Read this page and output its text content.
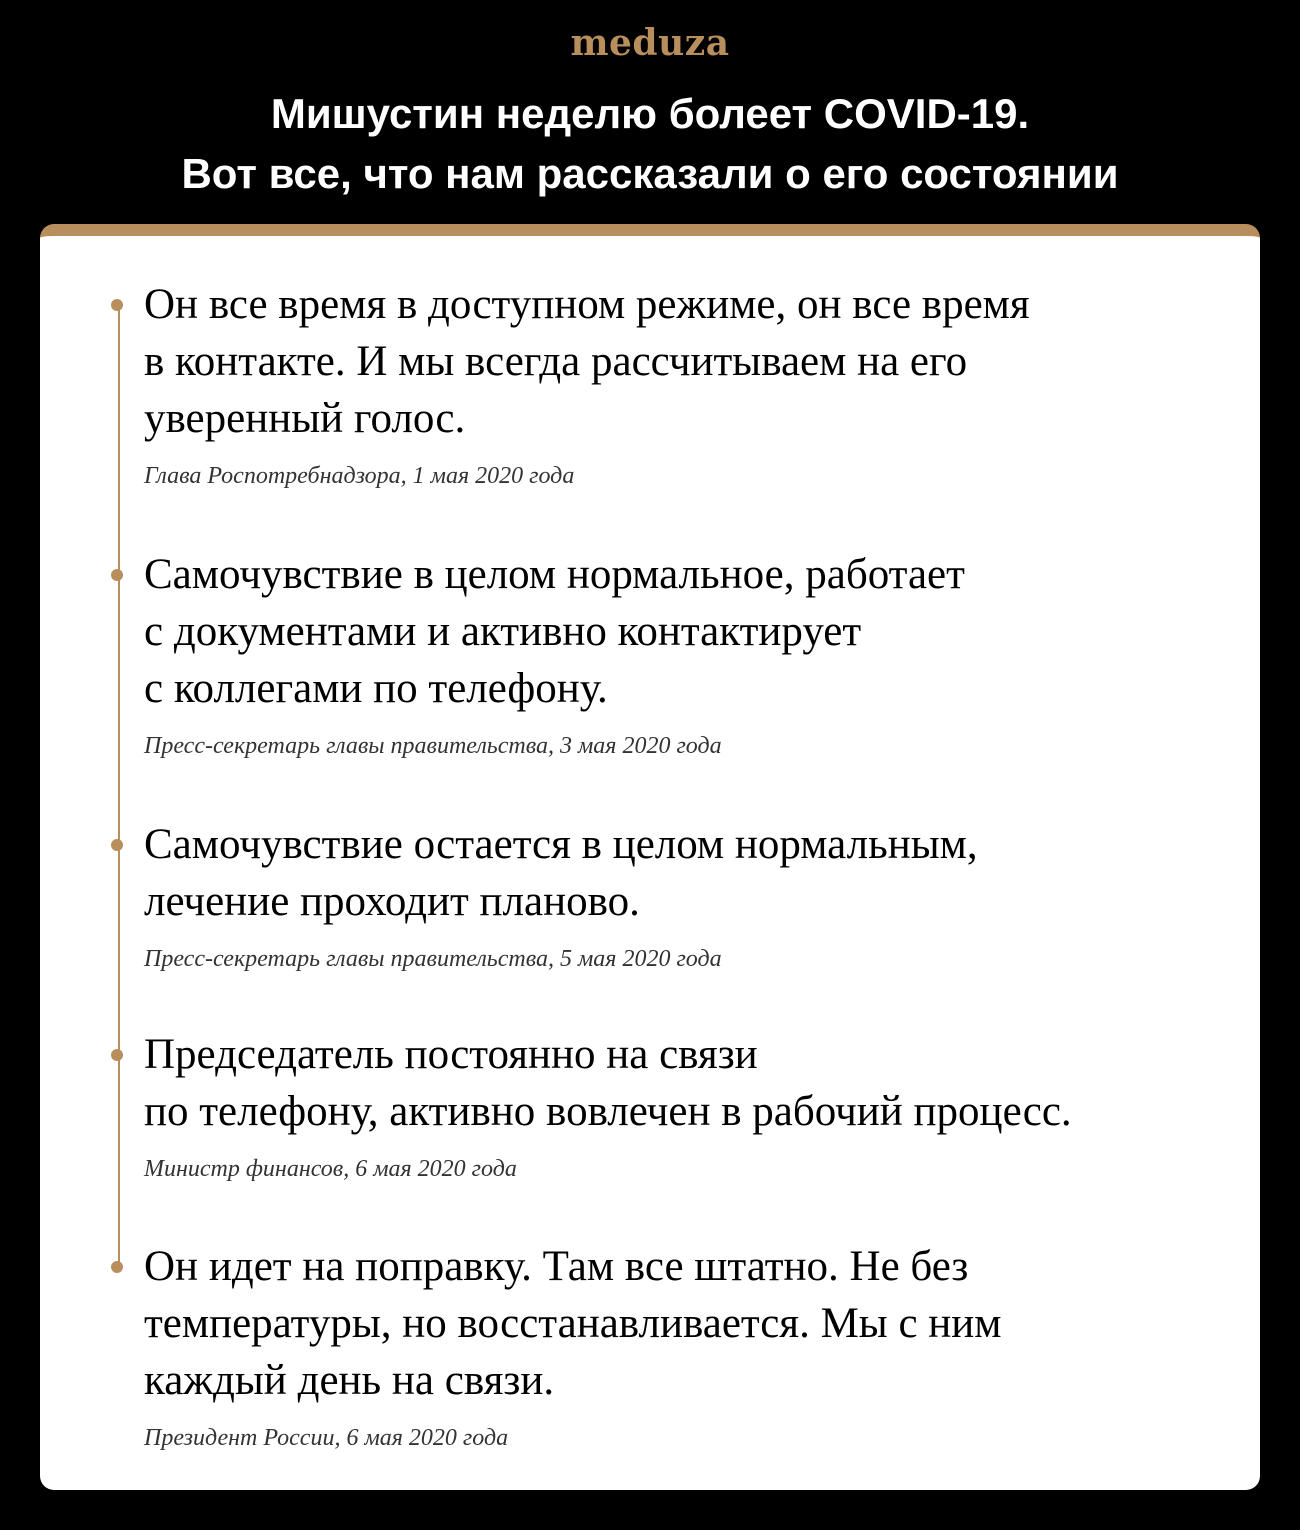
meduza
Мишустин неделю болеет COVID-19.
Вот все, что нам рассказали о его состоянии
Он все время в доступном режиме, он все время
в контакте. И мы всегда рассчитываем на его
уверенный голос.
Глава Роспотребнадзора, 1 мая 2020 года
Самочувствие в целом нормальное, работает
с документами и активно контактирует
с коллегами по телефону.
Пресс-секретарь главы правительства, 3 мая 2020 года
Самочувствие остается в целом нормальным,
лечение проходит планово.
Пресс-секретарь главы правительства, 5 мая 2020 года
Председатель постоянно на связи
по телефону, активно вовлечен в рабочий процесс.
Министр финансов, 6 мая 2020 года
Он идет на поправку. Там все штатно. Не без
температуры, но восстанавливается. Мы с ним
каждый день на связи.
Президент России, 6 мая 2020 года
